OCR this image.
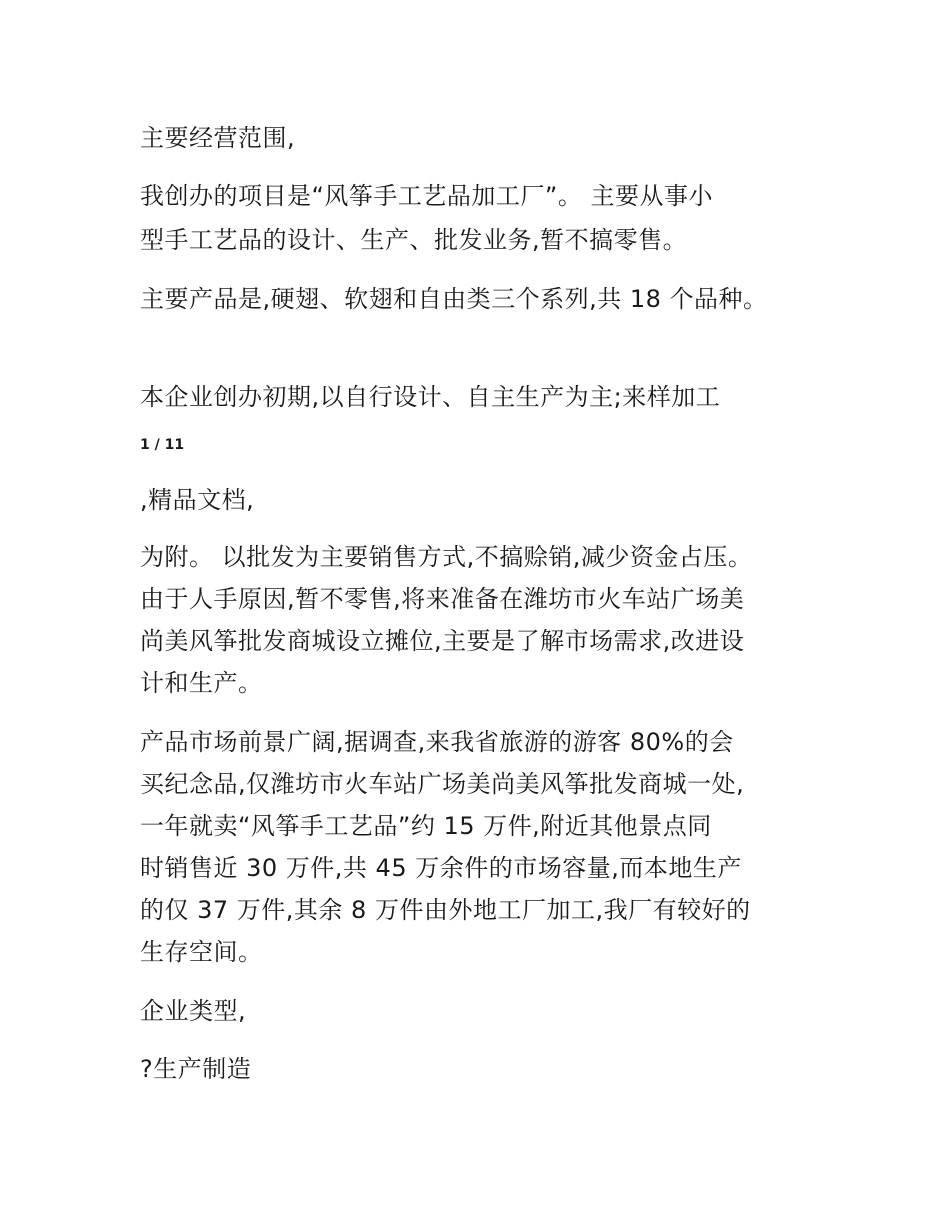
主要经营范围,
我创办的项目是“风筝手工艺品加工厂”。 主要从事小
型手工艺品的设计、生产、批发业务,暂不搞零售。
主要产品是,硬翅、软翅和自由类三个系列,共 18 个品种。
本企业创办初期,以自行设计、自主生产为主;来样加工
1 / 11
,精品文档,
为附。 以批发为主要销售方式,不搞赊销,减少资金占压。
由于人手原因,暂不零售,将来准备在潍坊市火车站广场美
尚美风筝批发商城设立摊位,主要是了解市场需求,改进设
计和生产。
产品市场前景广阔,据调查,来我省旅游的游客 80%的会
买纪念品,仅潍坊市火车站广场美尚美风筝批发商城一处,
一年就卖“风筝手工艺品”约 15 万件,附近其他景点同
时销售近 30 万件,共 45 万余件的市场容量,而本地生产
的仅 37 万件,其余 8 万件由外地工厂加工,我厂有较好的
生存空间。
企业类型,
?生产制造
